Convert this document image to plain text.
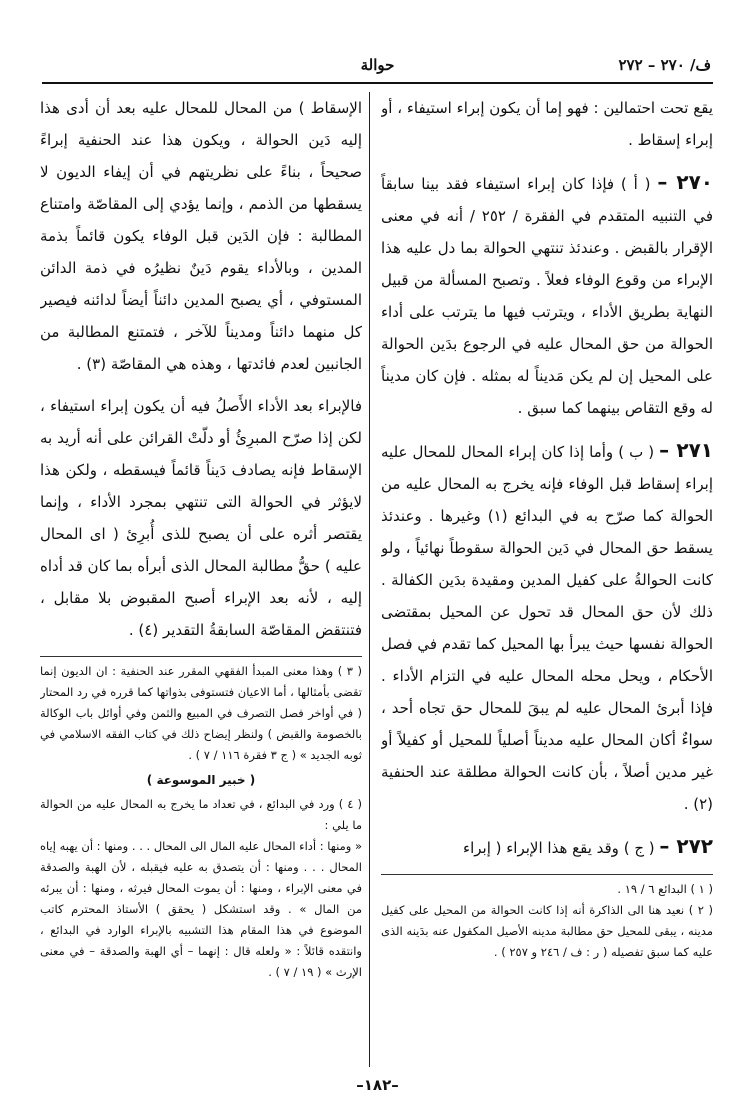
ف/ ٢٧٠ – ٢٧٢
حوالة

يقع تحت احتمالين : فهو إما أن يكون إبراء استيفاء ، أو إبراء إسقاط .

٢٧٠ – ( أ ) فإذا كان إبراء استيفاء فقد بينا سابقاً في التنبيه المتقدم في الفقرة / ٢٥٢ / أنه في معنى الإقرار بالقبض . وعندئذ تنتهي الحوالة بما دل عليه هذا الإبراء من وقوع الوفاء فعلاً . وتصبح المسألة من قبيل النهاية بطريق الأداء ، ويترتب فيها ما يترتب على أداء الحوالة من حق المحال عليه في الرجوع بدَين الحوالة على المحيل إن لم يكن مَديناً له بمثله . فإن كان مديناً له وقع التقاص بينهما كما سبق .

٢٧١ – ( ب ) وأما إذا كان إبراء المحال للمحال عليه إبراء إسقاط قبل الوفاء فإنه يخرج به المحال عليه من الحوالة كما صرّح به في البدائع (١) وغيرها . وعندئذ يسقط حق المحال في دَين الحوالة سقوطاً نهائياً ، ولو كانت الحوالةُ على كفيل المدين ومقيدة بدَين الكفالة . ذلك لأن حق المحال قد تحول عن المحيل بمقتضى الحوالة نفسها حيث يبرأ بها المحيل كما تقدم في فصل الأحكام ، ويحل محله المحال عليه في التزام الأداء . فإذا أبرئ المحال عليه لم يبقَ للمحال حق تجاه أحد ، سواءٌ أكان المحال عليه مديناً أصلياً للمحيل أو كفيلاً أو غير مدين أصلاً ، بأن كانت الحوالة مطلقة عند الحنفية (٢) .

٢٧٢ – ( ج ) وقد يقع هذا الإبراء ( إبراء

( ١ ) البدائع ٦ / ١٩ .

( ٢ ) نعيد هنا الى الذاكرة أنه إذا كانت الحوالة من المحيل على كفيل مدينه ، يبقى للمحيل حق مطالبة مدينه الأصيل المكفول عنه بدَينه الذى عليه كما سبق تفصيله ( ر : ف / ٢٤٦ و ٢٥٧ ) .

الإسقاط ) من المحال للمحال عليه بعد أن أدى هذا إليه دَين الحوالة ، ويكون هذا عند الحنفية إبراءً صحيحاً ، بناءً على نظريتهم في أن إيفاء الديون لا يسقطها من الذمم ، وإنما يؤدي إلى المقاصّة وامتناع المطالبة : فإن الدَين قبل الوفاء يكون قائماً بذمة المدين ، وبالأداء يقوم دَينٌ نظيرُه في ذمة الدائن المستوفي ، أي يصبح المدين دائناً أيضاً لدائنه فيصير كل منهما دائناً ومديناً للآخر ، فتمتنع المطالبة من الجانبين لعدم فائدتها ، وهذه هي المقاصّة (٣) .

فالإبراء بعد الأداء الأَصلُ فيه أن يكون إبراء استيفاء ، لكن إذا صرّح المبرِئُ أو دلّتْ القرائن على أنه أريد به الإسقاط فإنه يصادف دَيناً قائماً فيسقطه ، ولكن هذا لايؤثر في الحوالة التى تنتهي بمجرد الأداء ، وإنما يقتصر أثره على أن يصبح للذى أُبرِئ ( اى المحال عليه ) حقُّ مطالبة المحال الذى أبرأه بما كان قد أداه إليه ، لأنه بعد الإبراء أصبح المقبوض بلا مقابل ، فتنتقض المقاصّة السابقةُ التقدير (٤) .

( ٣ ) وهذا معنى المبدأ الفقهي المقرر عند الحنفية : ان الديون إنما تقضى بأمثالها ، أما الاعيان فتستوفى بذواتها كما قرره في رد المحتار ( في أواخر فصل التصرف في المبيع والثمن وفي أوائل باب الوكالة بالخصومة والقبض ) ولنظر إيضاح ذلك في كتاب الفقه الاسلامي في ثوبه الجديد » ( ج ٣ فقرة ١١٦ / ٧ ) .

( خبير الموسوعة )

( ٤ ) ورد في البدائع ، في تعداد ما يخرج به المحال عليه من الحوالة ما يلي :

« ومنها : أداء المحال عليه المال الى المحال . . . ومنها : أن يهبه إياه المحال . . . ومنها : أن يتصدق به عليه فيقبله ، لأن الهبة والصدقة في معنى الإبراء ، ومنها : أن يموت المحال فيرثه ، ومنها : أن يبرئه من المال » . وقد استشكل ( يحقق ) الأستاذ المحترم كاتب الموضوع في هذا المقام هذا التشبيه بالإبراء الوارد في البدائع ، وانتقده قائلاً : « ولعله قال : إنهما – أي الهبة والصدقة – في معنى الإرث » ( ١٩ / ٧ ) .

–١٨٢–
